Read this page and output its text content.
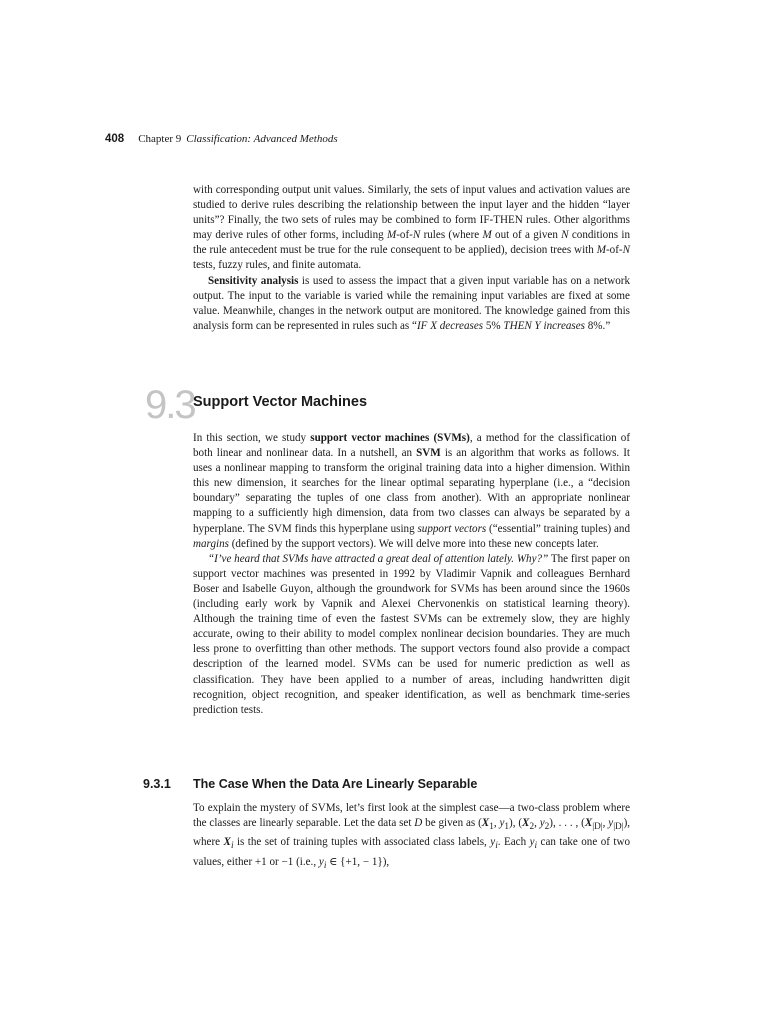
408 Chapter 9 Classification: Advanced Methods

with corresponding output unit values. Similarly, the sets of input values and activation values are studied to derive rules describing the relationship between the input layer and the hidden “layer units”? Finally, the two sets of rules may be combined to form IF-THEN rules. Other algorithms may derive rules of other forms, including M-of-N rules (where M out of a given N conditions in the rule antecedent must be true for the rule consequent to be applied), decision trees with M-of-N tests, fuzzy rules, and finite automata.

Sensitivity analysis is used to assess the impact that a given input variable has on a network output. The input to the variable is varied while the remaining input variables are fixed at some value. Meanwhile, changes in the network output are monitored. The knowledge gained from this analysis form can be represented in rules such as “IF X decreases 5% THEN Y increases 8%.”

9.3
Support Vector Machines

In this section, we study support vector machines (SVMs), a method for the classification of both linear and nonlinear data. In a nutshell, an SVM is an algorithm that works as follows. It uses a nonlinear mapping to transform the original training data into a higher dimension. Within this new dimension, it searches for the linear optimal separating hyperplane (i.e., a “decision boundary” separating the tuples of one class from another). With an appropriate nonlinear mapping to a sufficiently high dimension, data from two classes can always be separated by a hyperplane. The SVM finds this hyperplane using support vectors (“essential” training tuples) and margins (defined by the support vectors). We will delve more into these new concepts later.

“I’ve heard that SVMs have attracted a great deal of attention lately. Why?” The first paper on support vector machines was presented in 1992 by Vladimir Vapnik and colleagues Bernhard Boser and Isabelle Guyon, although the groundwork for SVMs has been around since the 1960s (including early work by Vapnik and Alexei Chervonenkis on statistical learning theory). Although the training time of even the fastest SVMs can be extremely slow, they are highly accurate, owing to their ability to model complex nonlinear decision boundaries. They are much less prone to overfitting than other methods. The support vectors found also provide a compact description of the learned model. SVMs can be used for numeric prediction as well as classification. They have been applied to a number of areas, including handwritten digit recognition, object recognition, and speaker identification, as well as benchmark time-series prediction tests.

9.3.1 The Case When the Data Are Linearly Separable

To explain the mystery of SVMs, let’s first look at the simplest case—a two-class problem where the classes are linearly separable. Let the data set D be given as ($X_1$, $y_1$), ($X_2$, $y_2$), . . . , ($X_{|D|}$, $y_{|D|}$), where $X_i$ is the set of training tuples with associated class labels, $y_i$. Each $y_i$ can take one of two values, either +1 or −1 (i.e., $y_i$ ∈ {+1, − 1}),
